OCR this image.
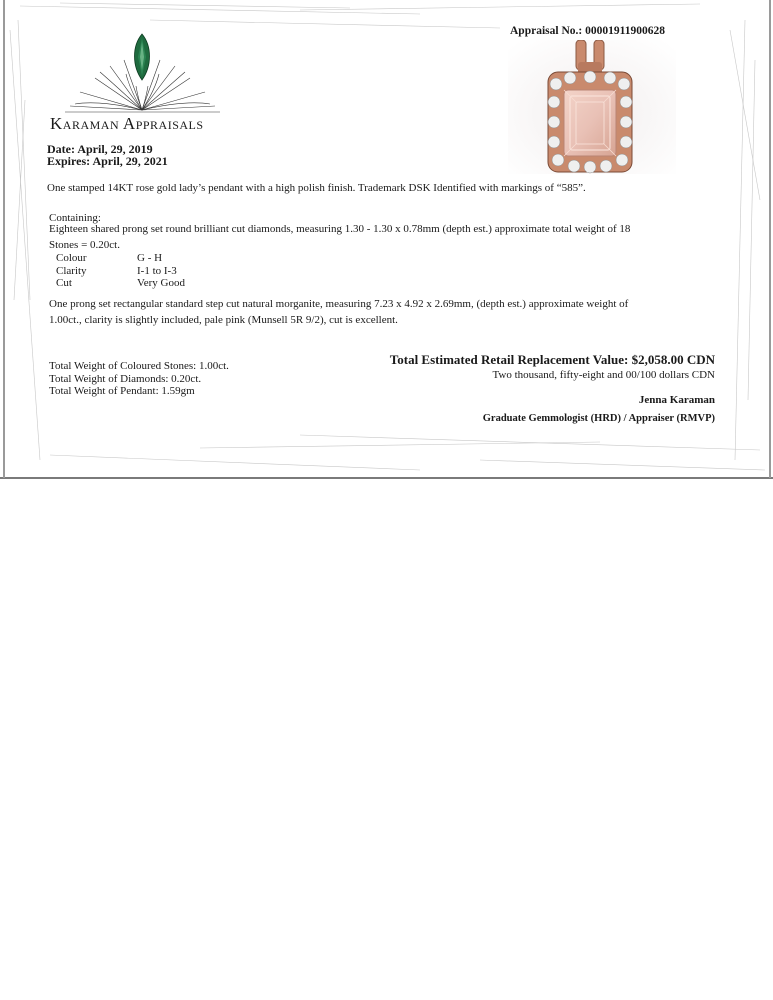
Karaman Appraisals
Date: April, 29, 2019
Expires: April, 29, 2021
Appraisal No.: 00001911900628
One stamped 14KT rose gold lady’s pendant with a high polish finish. Trademark DSK Identified with markings of “585”.
Containing:
Eighteen shared prong set round brilliant cut diamonds, measuring 1.30 - 1.30 x 0.78mm (depth est.) approximate total weight of 18
Stones = 0.20ct.
Colour	G - H
Clarity	I-1 to I-3
Cut	Very Good
One prong set rectangular standard step cut natural morganite, measuring 7.23 x 4.92 x 2.69mm, (depth est.) approximate weight of
1.00ct., clarity is slightly included, pale pink (Munsell 5R 9/2), cut is excellent.
Total Weight of Coloured Stones: 1.00ct.
Total Weight of Diamonds: 0.20ct.
Total Weight of Pendant: 1.59gm
Total Estimated Retail Replacement Value: $2,058.00 CDN
Two thousand, fifty-eight and 00/100 dollars CDN
Jenna Karaman
Graduate Gemmologist (HRD) / Appraiser (RMVP)
